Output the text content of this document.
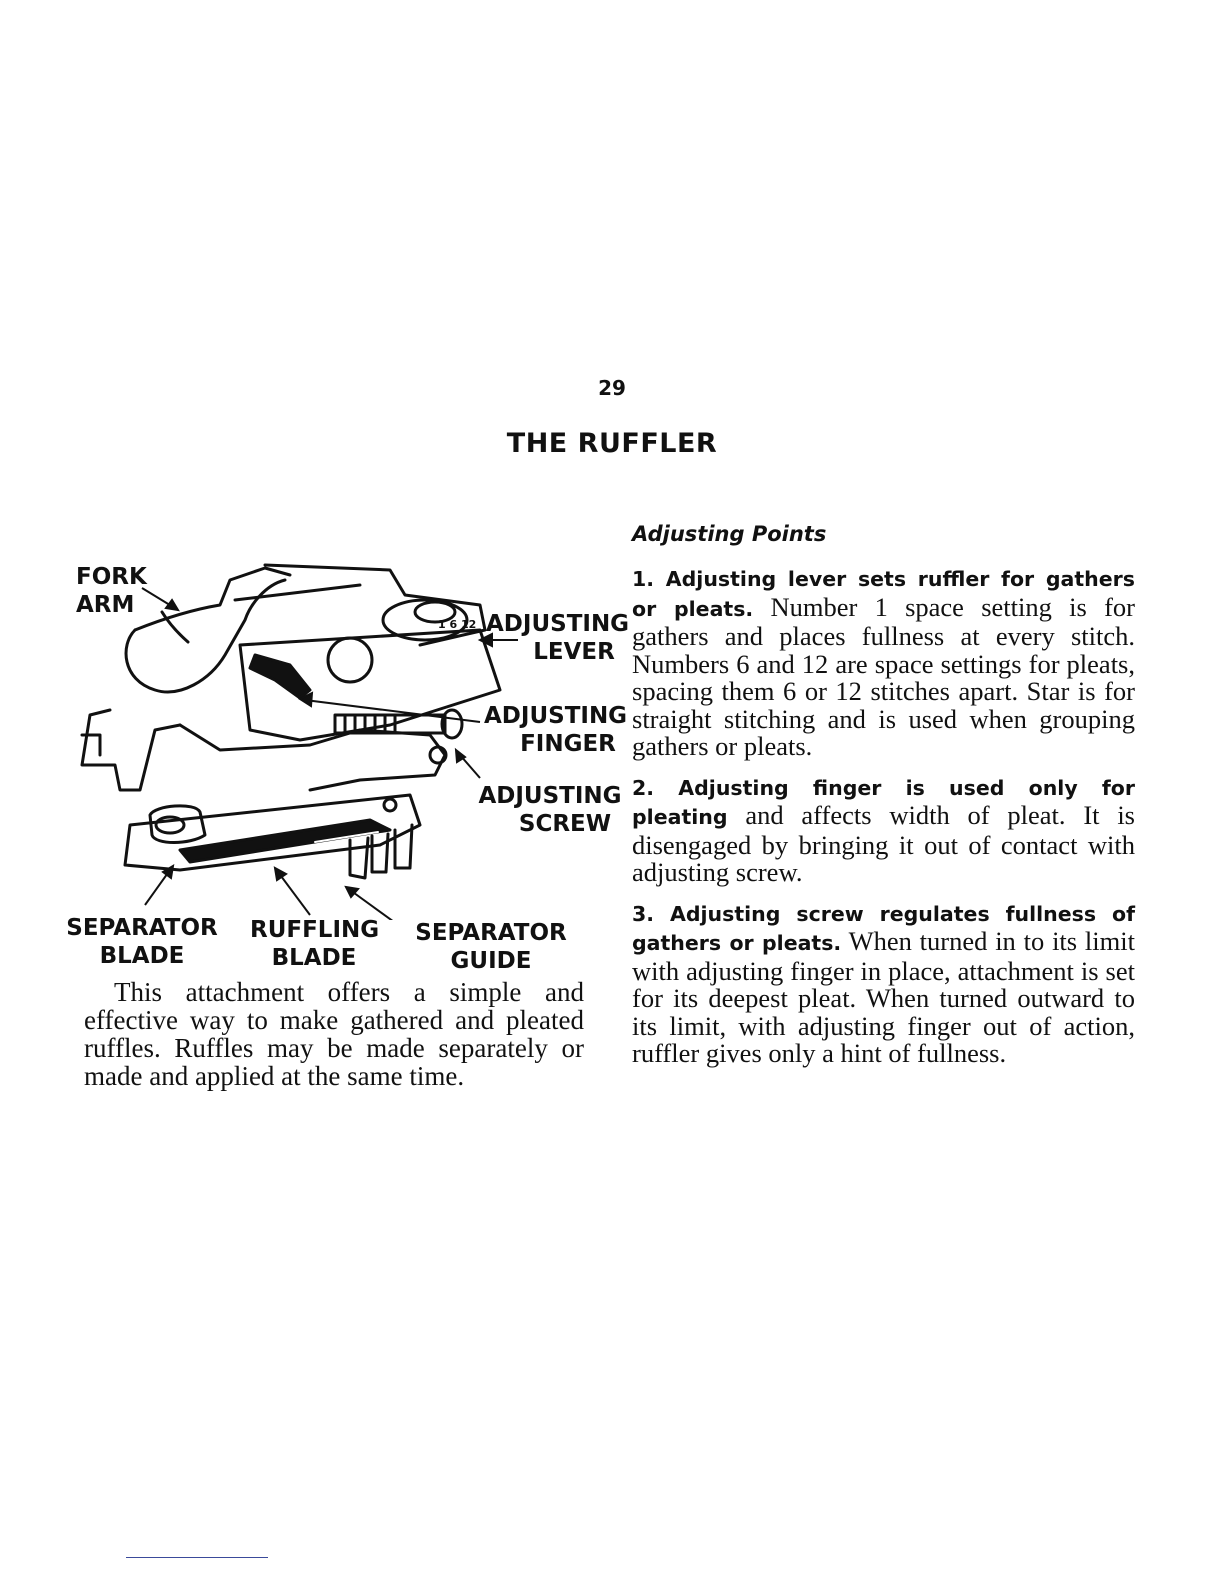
29
THE RUFFLER
1 6 12
FORK
ARM
ADJUSTING
LEVER
ADJUSTING
FINGER
ADJUSTING
SCREW
SEPARATOR
BLADE
RUFFLING
BLADE
SEPARATOR
GUIDE

This attachment offers a simple and effective way to make gathered and pleated ruffles. Ruffles may be made separately or made and applied at the same time.

Adjusting Points

1. Adjusting lever sets ruffler for gathers or pleats. Number 1 space setting is for gathers and places fullness at every stitch. Numbers 6 and 12 are space settings for pleats, spacing them 6 or 12 stitches apart. Star is for straight stitching and is used when grouping gathers or pleats.

2. Adjusting finger is used only for pleating and affects width of pleat. It is disengaged by bringing it out of contact with adjusting screw.

3. Adjusting screw regulates fullness of gathers or pleats. When turned in to its limit with adjusting finger in place, attachment is set for its deepest pleat. When turned outward to its limit, with adjusting finger out of action, ruffler gives only a hint of fullness.
